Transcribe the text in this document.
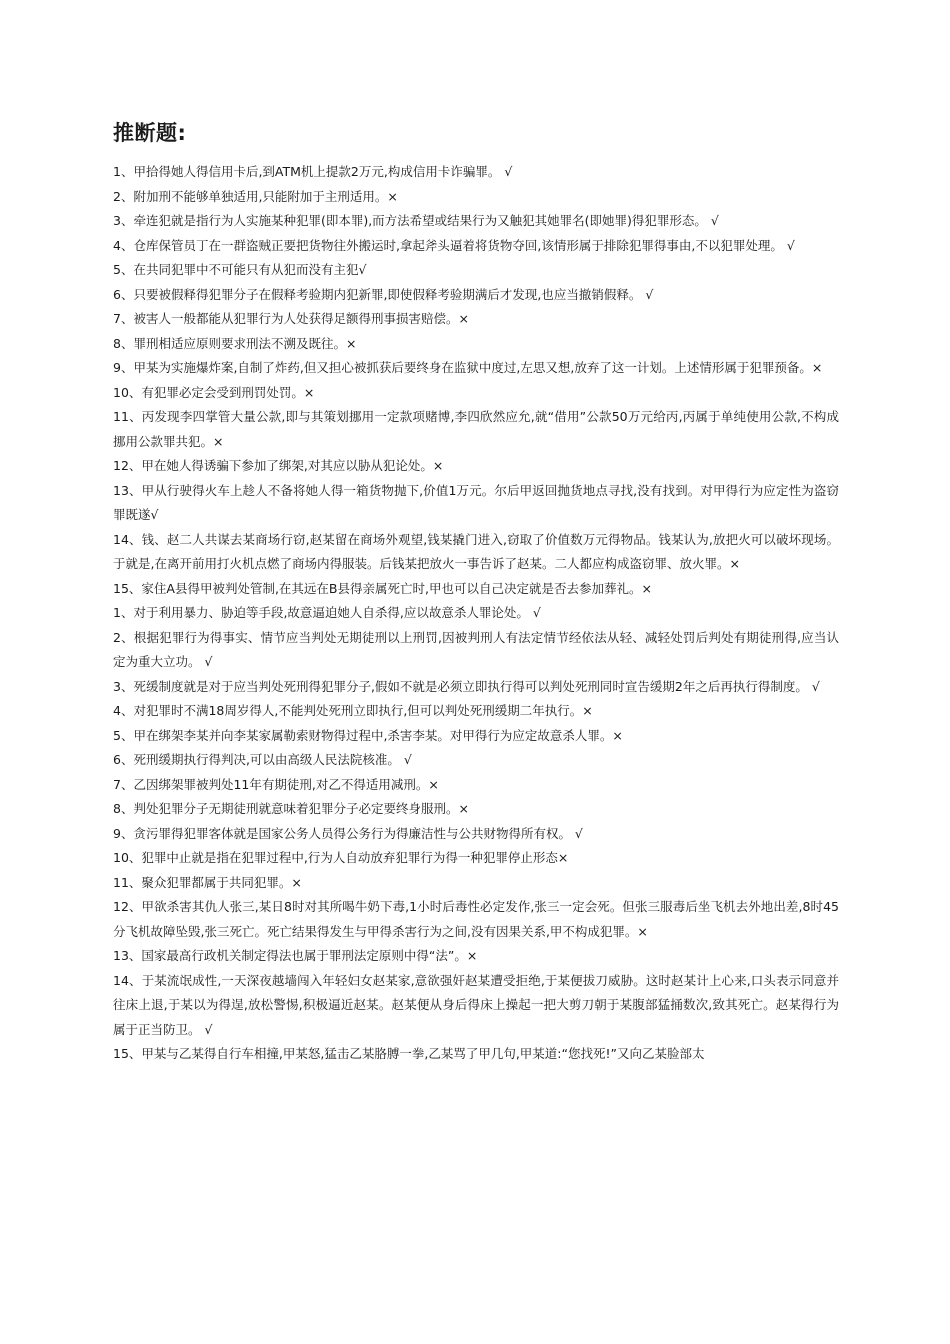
推断题:
1、甲拾得她人得信用卡后,到ATM机上提款2万元,构成信用卡诈骗罪。 √
2、附加刑不能够单独适用,只能附加于主刑适用。×
3、牵连犯就是指行为人实施某种犯罪(即本罪),而方法希望或结果行为又触犯其她罪名(即她罪)得犯罪形态。 √
4、仓库保管员丁在一群盗贼正要把货物往外搬运时,拿起斧头逼着将货物夺回,该情形属于排除犯罪得事由,不以犯罪处理。 √
5、在共同犯罪中不可能只有从犯而没有主犯√
6、只要被假释得犯罪分子在假释考验期内犯新罪,即使假释考验期满后才发现,也应当撤销假释。 √
7、被害人一般都能从犯罪行为人处获得足额得刑事损害赔偿。×
8、罪刑相适应原则要求刑法不溯及既往。×
9、甲某为实施爆炸案,自制了炸药,但又担心被抓获后要终身在监狱中度过,左思又想,放弃了这一计划。上述情形属于犯罪预备。×
10、有犯罪必定会受到刑罚处罚。×
11、丙发现李四掌管大量公款,即与其策划挪用一定款项赌博,李四欣然应允,就“借用”公款50万元给丙,丙属于单纯使用公款,不构成挪用公款罪共犯。×
12、甲在她人得诱骗下参加了绑架,对其应以胁从犯论处。×
13、甲从行驶得火车上趁人不备将她人得一箱货物抛下,价值1万元。尔后甲返回抛货地点寻找,没有找到。对甲得行为应定性为盗窃罪既遂√
14、钱、赵二人共谋去某商场行窃,赵某留在商场外观望,钱某撬门进入,窃取了价值数万元得物品。钱某认为,放把火可以破坏现场。于就是,在离开前用打火机点燃了商场内得服装。后钱某把放火一事告诉了赵某。二人都应构成盗窃罪、放火罪。×
15、家住A县得甲被判处管制,在其远在B县得亲属死亡时,甲也可以自己决定就是否去参加葬礼。×
1、对于利用暴力、胁迫等手段,故意逼迫她人自杀得,应以故意杀人罪论处。 √
2、根据犯罪行为得事实、情节应当判处无期徒刑以上刑罚,因被判刑人有法定情节经依法从轻、减轻处罚后判处有期徒刑得,应当认定为重大立功。 √
3、死缓制度就是对于应当判处死刑得犯罪分子,假如不就是必须立即执行得可以判处死刑同时宣告缓期2年之后再执行得制度。 √
4、对犯罪时不满18周岁得人,不能判处死刑立即执行,但可以判处死刑缓期二年执行。×
5、甲在绑架李某并向李某家属勒索财物得过程中,杀害李某。对甲得行为应定故意杀人罪。×
6、死刑缓期执行得判决,可以由高级人民法院核准。 √
7、乙因绑架罪被判处11年有期徒刑,对乙不得适用减刑。×
8、判处犯罪分子无期徒刑就意味着犯罪分子必定要终身服刑。×
9、贪污罪得犯罪客体就是国家公务人员得公务行为得廉洁性与公共财物得所有权。 √
10、犯罪中止就是指在犯罪过程中,行为人自动放弃犯罪行为得一种犯罪停止形态×
11、聚众犯罪都属于共同犯罪。×
12、甲欲杀害其仇人张三,某日8时对其所喝牛奶下毒,1小时后毒性必定发作,张三一定会死。但张三服毒后坐飞机去外地出差,8时45分飞机故障坠毁,张三死亡。死亡结果得发生与甲得杀害行为之间,没有因果关系,甲不构成犯罪。×
13、国家最高行政机关制定得法也属于罪刑法定原则中得“法”。×
14、于某流氓成性,一天深夜越墙闯入年轻妇女赵某家,意欲强奸赵某遭受拒绝,于某便拔刀威胁。这时赵某计上心来,口头表示同意并往床上退,于某以为得逞,放松警惕,积极逼近赵某。赵某便从身后得床上操起一把大剪刀朝于某腹部猛捅数次,致其死亡。赵某得行为属于正当防卫。 √
15、甲某与乙某得自行车相撞,甲某怒,猛击乙某胳膊一拳,乙某骂了甲几句,甲某道:“您找死!”又向乙某脸部太
